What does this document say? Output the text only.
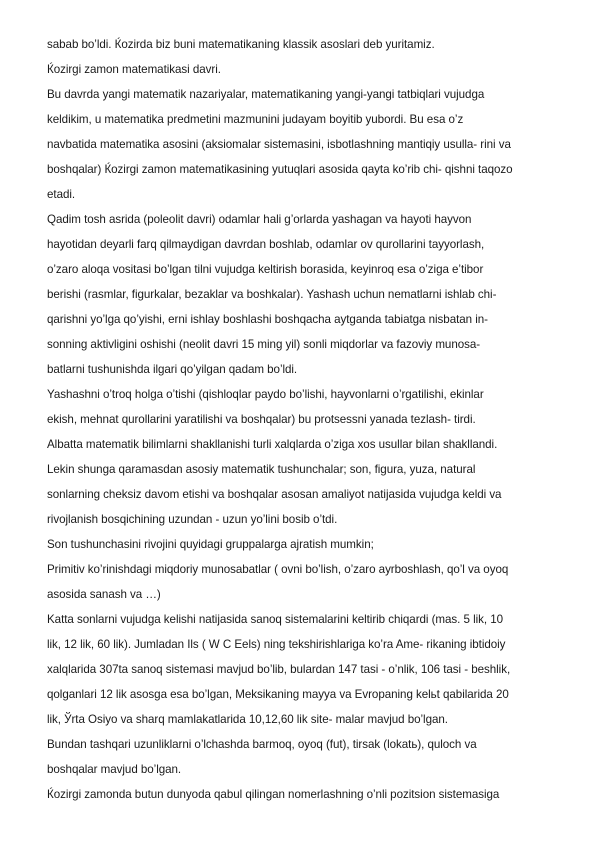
sabab bo’ldi. Ќozirda biz buni matematikaning klassik asoslari deb yuritamiz.

Ќozirgi zamon matematikasi davri.

Bu davrda yangi matematik nazariyalar, matematikaning yangi-yangi tatbiqlari vujudga

keldikim, u matematika predmetini mazmunini judayam boyitib yubordi. Bu esa o’z

navbatida matematika asosini (aksiomalar sistemasini, isbotlashning mantiqiy usulla- rini va

boshqalar) Ќozirgi zamon matematikasining yutuqlari asosida qayta ko’rib chi- qishni taqozo

etadi.

Qadim tosh asrida (poleolit davri) odamlar hali g’orlarda yashagan va hayoti hayvon

hayotidan deyarli farq qilmaydigan davrdan boshlab, odamlar ov qurollarini tayyorlash,

o’zaro aloqa vositasi bo’lgan tilni vujudga keltirish borasida, keyinroq esa o’ziga e’tibor

berishi (rasmlar, figurkalar, bezaklar va boshkalar). Yashash uchun nematlarni ishlab chi-

qarishni yo’lga qo’yishi, erni ishlay boshlashi boshqacha aytganda tabiatga nisbatan in-

sonning aktivligini oshishi (neolit davri 15 ming yil) sonli miqdorlar va fazoviy munosa-

batlarni tushunishda ilgari qo’yilgan qadam bo’ldi.

Yashashni o’troq holga o’tishi (qishloqlar paydo bo’lishi, hayvonlarni o’rgatilishi, ekinlar

ekish, mehnat qurollarini yaratilishi va boshqalar) bu protsessni yanada tezlash- tirdi.

Albatta matematik bilimlarni shakllanishi turli xalqlarda o’ziga xos usullar bilan shakllandi.

Lekin shunga qaramasdan asosiy matematik tushunchalar; son, figura, yuza, natural

sonlarning cheksiz davom etishi va boshqalar asosan amaliyot natijasida vujudga keldi va

rivojlanish bosqichining uzundan - uzun yo’lini bosib o’tdi.

Son tushunchasini rivojini quyidagi gruppalarga ajratish mumkin;

Primitiv ko’rinishdagi miqdoriy munosabatlar ( ovni bo’lish, o’zaro ayrboshlash, qo’l va oyoq

asosida sanash va …)

Katta sonlarni vujudga kelishi natijasida sanoq sistemalarini keltirib chiqardi (mas. 5 lik, 10

lik, 12 lik, 60 lik). Jumladan Ils ( W C Eels) ning tekshirishlariga ko’ra Ame- rikaning ibtidoiy

xalqlarida 307ta sanoq sistemasi mavjud bo’lib, bulardan 147 tasi - o’nlik, 106 tasi - beshlik,

qolganlari 12 lik asosga esa bo’lgan, Meksikaning mayya va Evropaning kelьt qabilarida 20

lik, Ўrta Osiyo va sharq mamlakatlarida 10,12,60 lik site- malar mavjud bo’lgan.

Bundan tashqari uzunliklarni o’lchashda barmoq, oyoq (fut), tirsak (lokatь), quloch va

boshqalar mavjud bo’lgan.

Ќozirgi zamonda butun dunyoda qabul qilingan nomerlashning o’nli pozitsion sistemasiga
